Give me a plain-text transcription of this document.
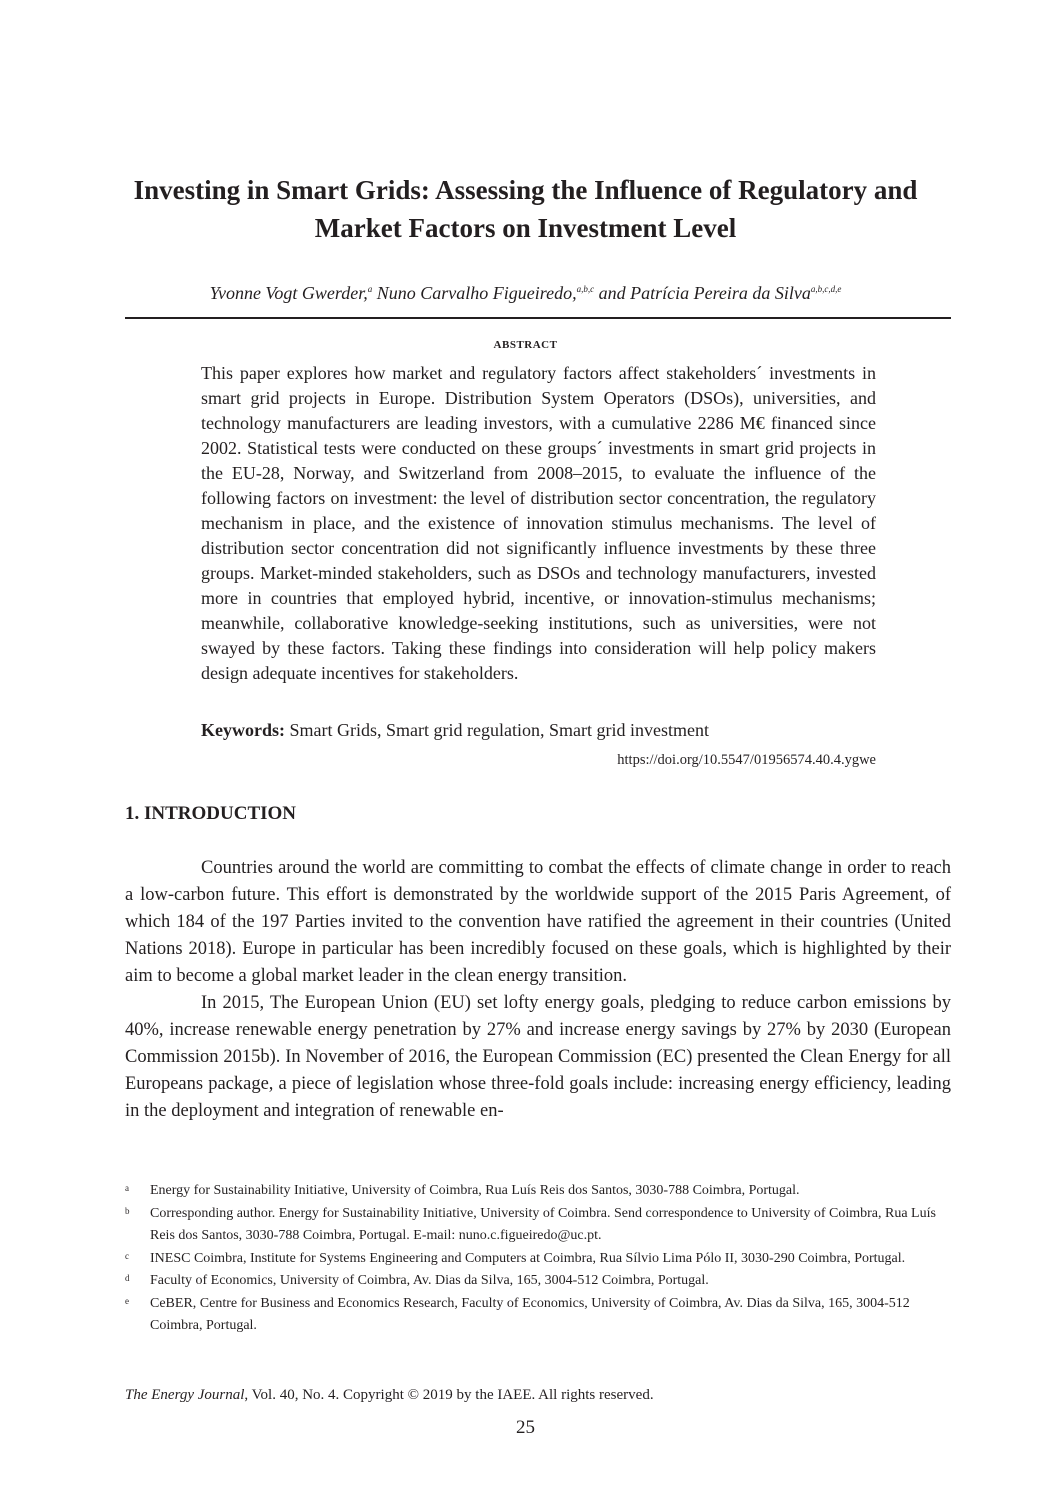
Investing in Smart Grids: Assessing the Influence of Regulatory and Market Factors on Investment Level
Yvonne Vogt Gwerder,$^a$ Nuno Carvalho Figueiredo,$^{a,b,c}$ and Patrícia Pereira da Silva$^{a,b,c,d,e}$
ABSTRACT

This paper explores how market and regulatory factors affect stakeholders´ investments in smart grid projects in Europe. Distribution System Operators (DSOs), universities, and technology manufacturers are leading investors, with a cumulative 2286 M€ financed since 2002. Statistical tests were conducted on these groups´ investments in smart grid projects in the EU-28, Norway, and Switzerland from 2008–2015, to evaluate the influence of the following factors on investment: the level of distribution sector concentration, the regulatory mechanism in place, and the existence of innovation stimulus mechanisms. The level of distribution sector concentration did not significantly influence investments by these three groups. Market-minded stakeholders, such as DSOs and technology manufacturers, invested more in countries that employed hybrid, incentive, or innovation-stimulus mechanisms; meanwhile, collaborative knowledge-seeking institutions, such as universities, were not swayed by these factors. Taking these findings into consideration will help policy makers design adequate incentives for stakeholders.

Keywords: Smart Grids, Smart grid regulation, Smart grid investment
https://doi.org/10.5547/01956574.40.4.ygwe
1. INTRODUCTION

Countries around the world are committing to combat the effects of climate change in order to reach a low-carbon future. This effort is demonstrated by the worldwide support of the 2015 Paris Agreement, of which 184 of the 197 Parties invited to the convention have ratified the agreement in their countries (United Nations 2018). Europe in particular has been incredibly focused on these goals, which is highlighted by their aim to become a global market leader in the clean energy transition.

In 2015, The European Union (EU) set lofty energy goals, pledging to reduce carbon emissions by 40%, increase renewable energy penetration by 27% and increase energy savings by 27% by 2030 (European Commission 2015b). In November of 2016, the European Commission (EC) presented the Clean Energy for all Europeans package, a piece of legislation whose three-fold goals include: increasing energy efficiency, leading in the deployment and integration of renewable en-

a Energy for Sustainability Initiative, University of Coimbra, Rua Luís Reis dos Santos, 3030-788 Coimbra, Portugal.
b Corresponding author. Energy for Sustainability Initiative, University of Coimbra. Send correspondence to University of Coimbra, Rua Luís Reis dos Santos, 3030-788 Coimbra, Portugal. E-mail: nuno.c.figueiredo@uc.pt.
c INESC Coimbra, Institute for Systems Engineering and Computers at Coimbra, Rua Sílvio Lima Pólo II, 3030-290 Coimbra, Portugal.
d Faculty of Economics, University of Coimbra, Av. Dias da Silva, 165, 3004-512 Coimbra, Portugal.
e CeBER, Centre for Business and Economics Research, Faculty of Economics, University of Coimbra, Av. Dias da Silva, 165, 3004-512 Coimbra, Portugal.
The Energy Journal, Vol. 40, No. 4. Copyright © 2019 by the IAEE. All rights reserved.
25
